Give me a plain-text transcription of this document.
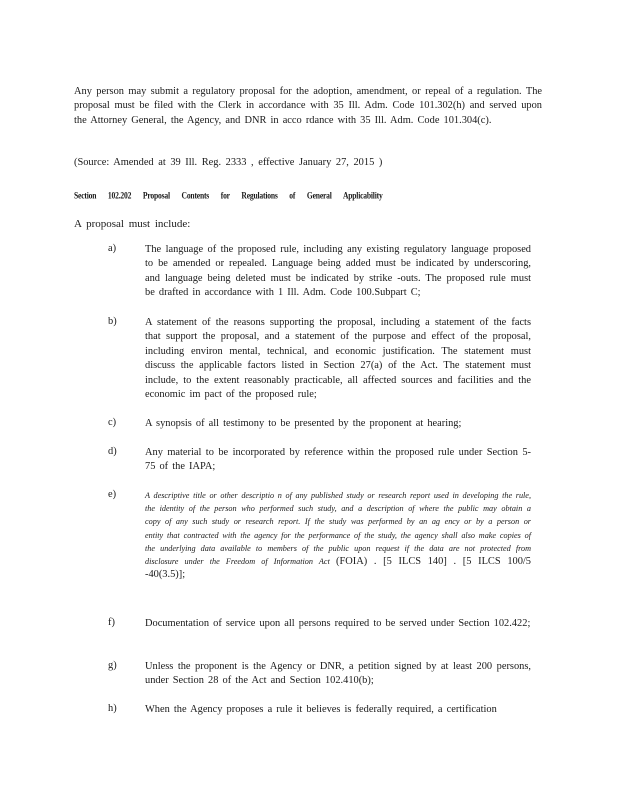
Any person may submit a regulatory proposal for the adoption, amendment, or repeal of a regulation. The proposal must be filed with the Clerk in accordance with 35 Ill. Adm. Code 101.302(h) and served upon the Attorney General, the Agency, and DNR in acco rdance with 35 Ill. Adm. Code 101.304(c).

(Source: Amended at 39 Ill. Reg. 2333 , effective January 27, 2015 )

Section 102.202 Proposal Contents for Regulations of General Applicability

A proposal must include:

a)	The language of the proposed rule, including any existing regulatory language proposed to be amended or repealed. Language being added must be indicated by underscoring, and language being deleted must be indicated by strike -outs. The proposed rule must be drafted in accordance with 1 Ill. Adm. Code 100.Subpart C;

b)	A statement of the reasons supporting the proposal, including a statement of the facts that support the proposal, and a statement of the purpose and effect of the proposal, including environ mental, technical, and economic justification. The statement must discuss the applicable factors listed in Section 27(a) of the Act. The statement must include, to the extent reasonably practicable, all affected sources and facilities and the economic im pact of the proposed rule;

c)	A synopsis of all testimony to be presented by the proponent at hearing;

d)	Any material to be incorporated by reference within the proposed rule under Section 5-75 of the IAPA;

e)	A descriptive title or other descriptio n of any published study or research report used in developing the rule, the identity of the person who performed such study, and a description of where the public may obtain a copy of any such study or research report. If the study was performed by an ag ency or by a person or entity that contracted with the agency for the performance of the study, the agency shall also make copies of the underlying data available to members of the public upon request if the data are not protected from disclosure under the Freedom of Information Act (FOIA) . [5 ILCS 140] . [5 ILCS 100/5 -40(3.5)];

f)	Documentation of service upon all persons required to be served under Section 102.422;

g)	Unless the proponent is the Agency or DNR, a petition signed by at least 200 persons, under Section 28 of the Act and Section 102.410(b);

h)	When the Agency proposes a rule it believes is federally required, a certification
